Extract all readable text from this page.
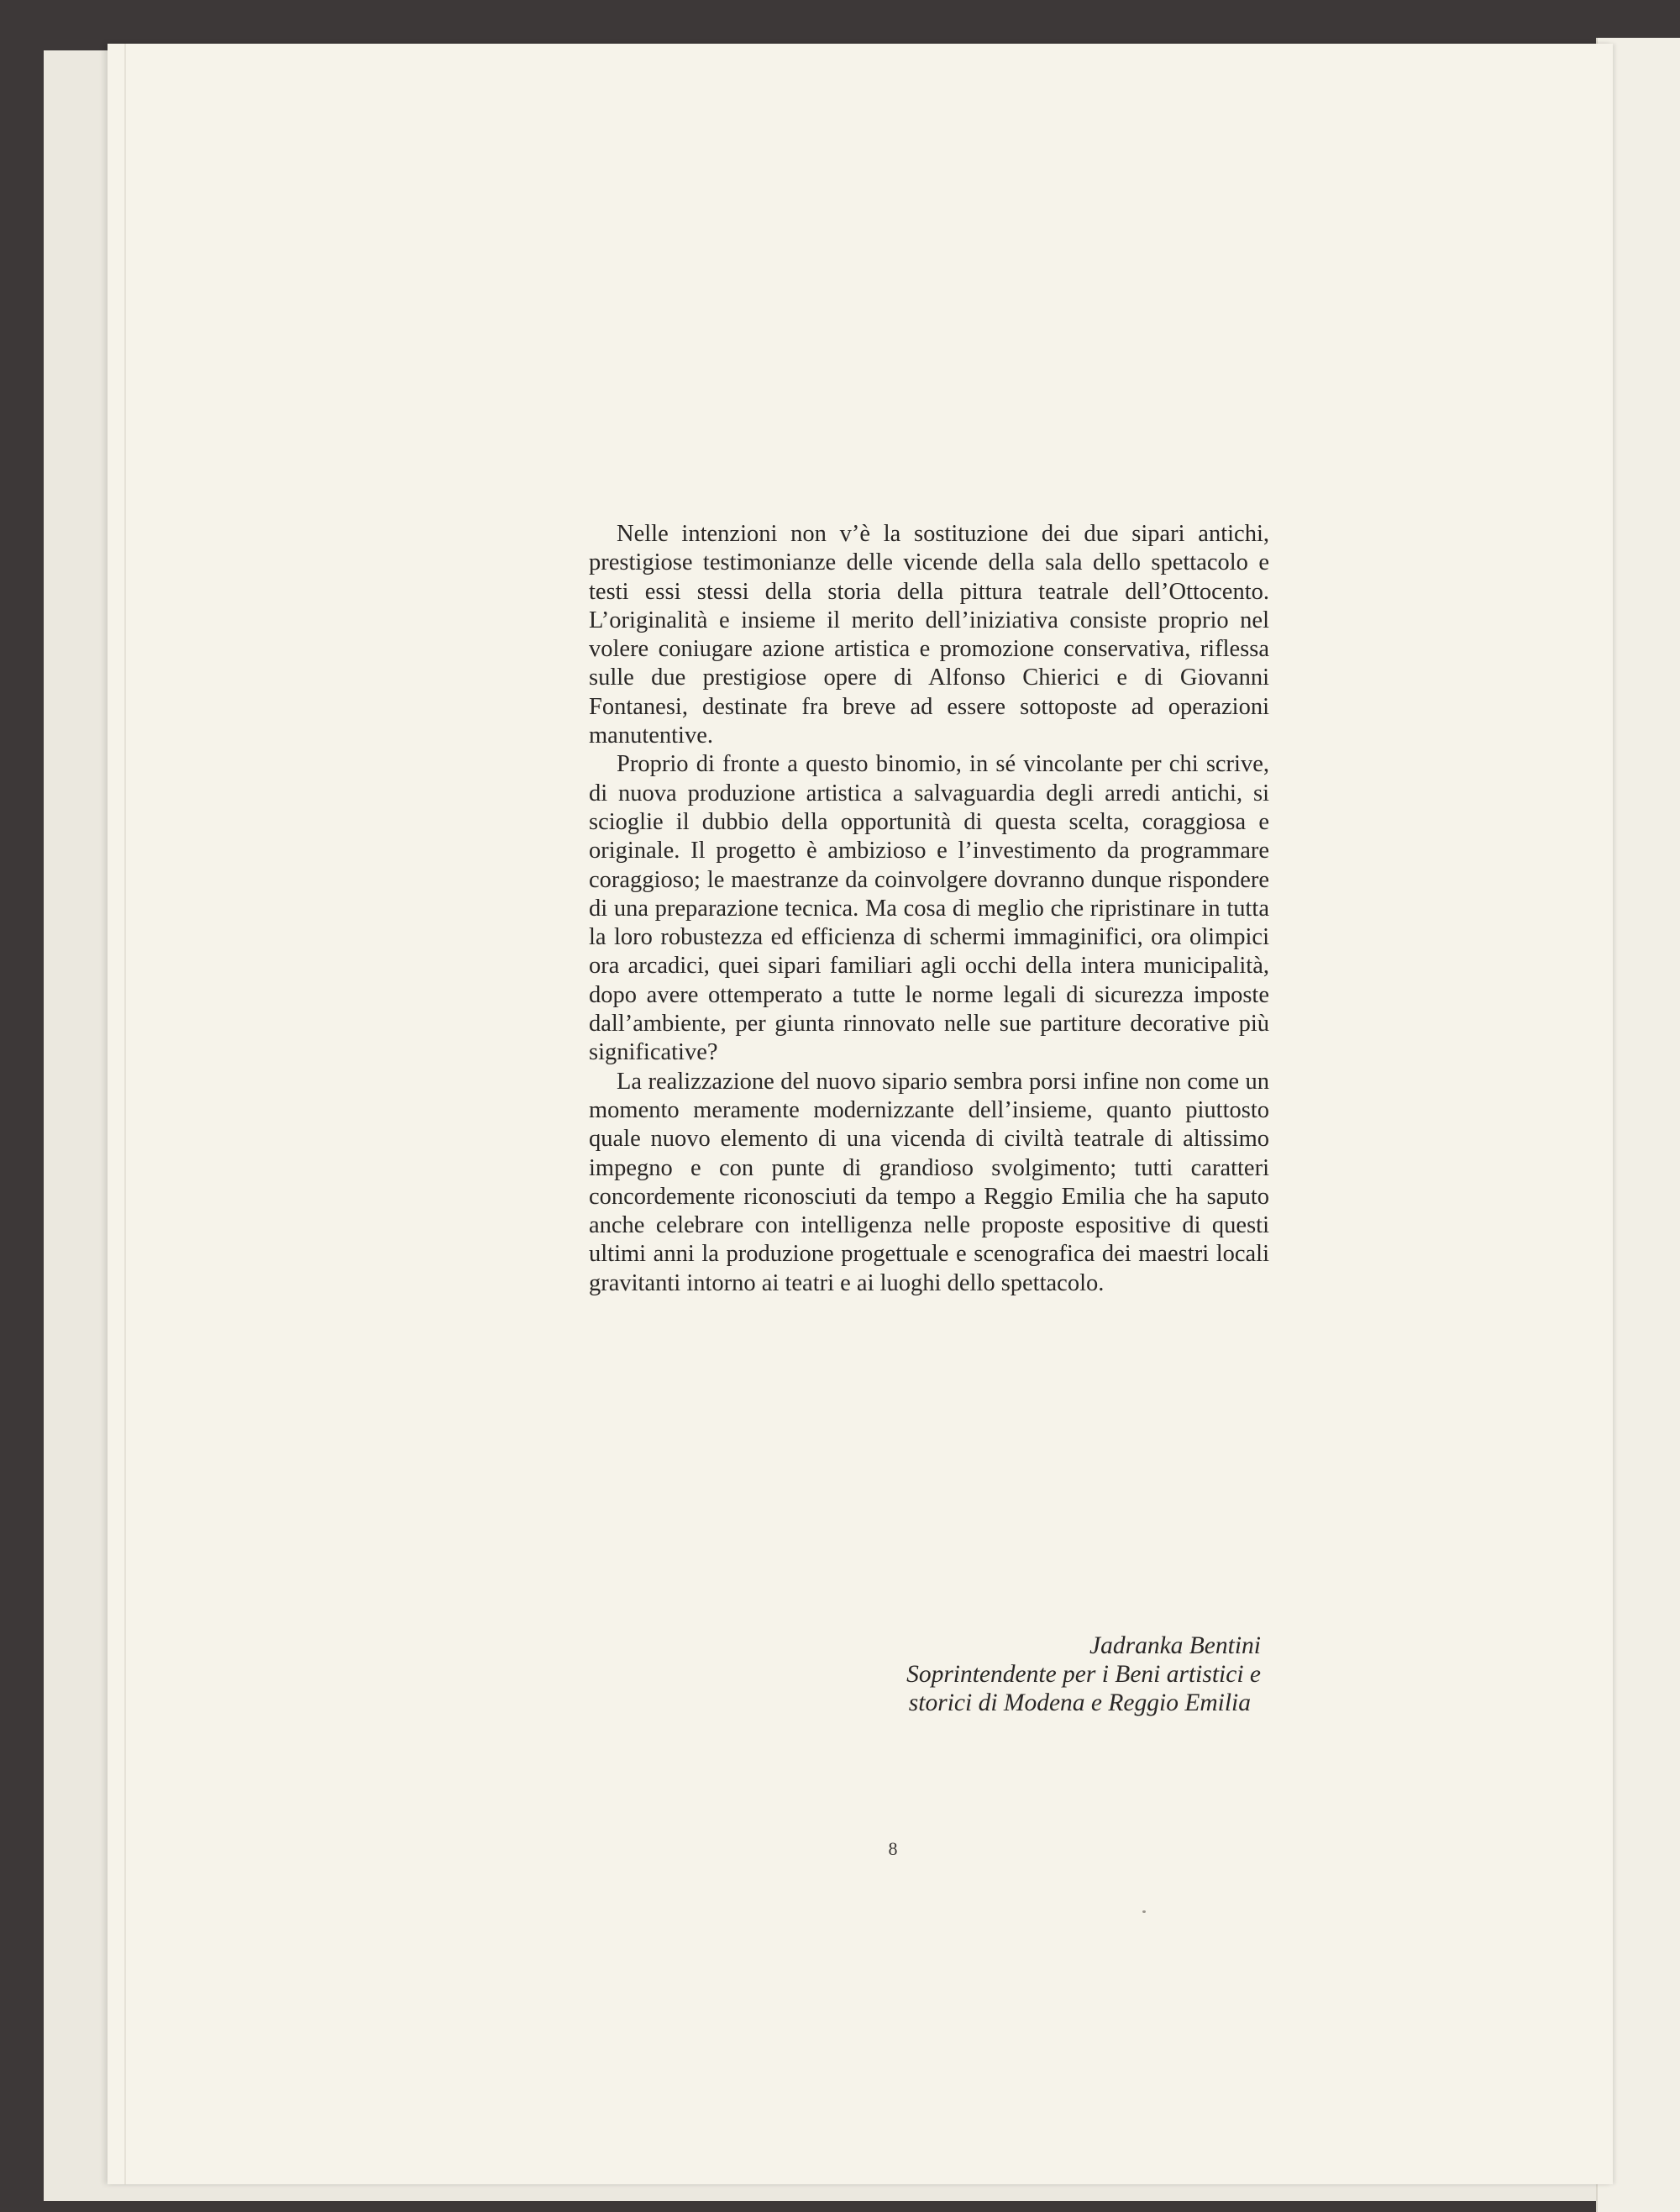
Nelle intenzioni non v’è la sostituzione dei due sipari antichi, prestigiose testimonianze delle vicende della sala dello spettacolo e testi essi stessi della storia della pittura teatrale dell’Ottocento. L’originalità e insieme il merito dell’iniziativa consiste proprio nel volere coniugare azione artistica e promozione conservativa, riflessa sulle due prestigiose opere di Alfonso Chierici e di Giovanni Fontanesi, destinate fra breve ad essere sottoposte ad operazioni manutentive.

Proprio di fronte a questo binomio, in sé vincolante per chi scrive, di nuova produzione artistica a salvaguardia degli arredi antichi, si scioglie il dubbio della opportunità di questa scelta, coraggiosa e originale. Il progetto è ambizioso e l’investimento da programmare coraggioso; le maestranze da coinvolgere dovranno dunque rispondere di una preparazione tecnica. Ma cosa di meglio che ripristinare in tutta la loro robustezza ed efficienza di schermi immaginifici, ora olimpici ora arcadici, quei sipari familiari agli occhi della intera municipalità, dopo avere ottemperato a tutte le norme legali di sicurezza imposte dall’ambiente, per giunta rinnovato nelle sue partiture decorative più significative?

La realizzazione del nuovo sipario sembra porsi infine non come un momento meramente modernizzante dell’insieme, quanto piuttosto quale nuovo elemento di una vicenda di civiltà teatrale di altissimo impegno e con punte di grandioso svolgimento; tutti caratteri concordemente riconosciuti da tempo a Reggio Emilia che ha saputo anche celebrare con intelligenza nelle proposte espositive di questi ultimi anni la produzione progettuale e scenografica dei maestri locali gravitanti intorno ai teatri e ai luoghi dello spettacolo.

Jadranka Bentini
Soprintendente per i Beni artistici e
storici di Modena e Reggio Emilia
8
